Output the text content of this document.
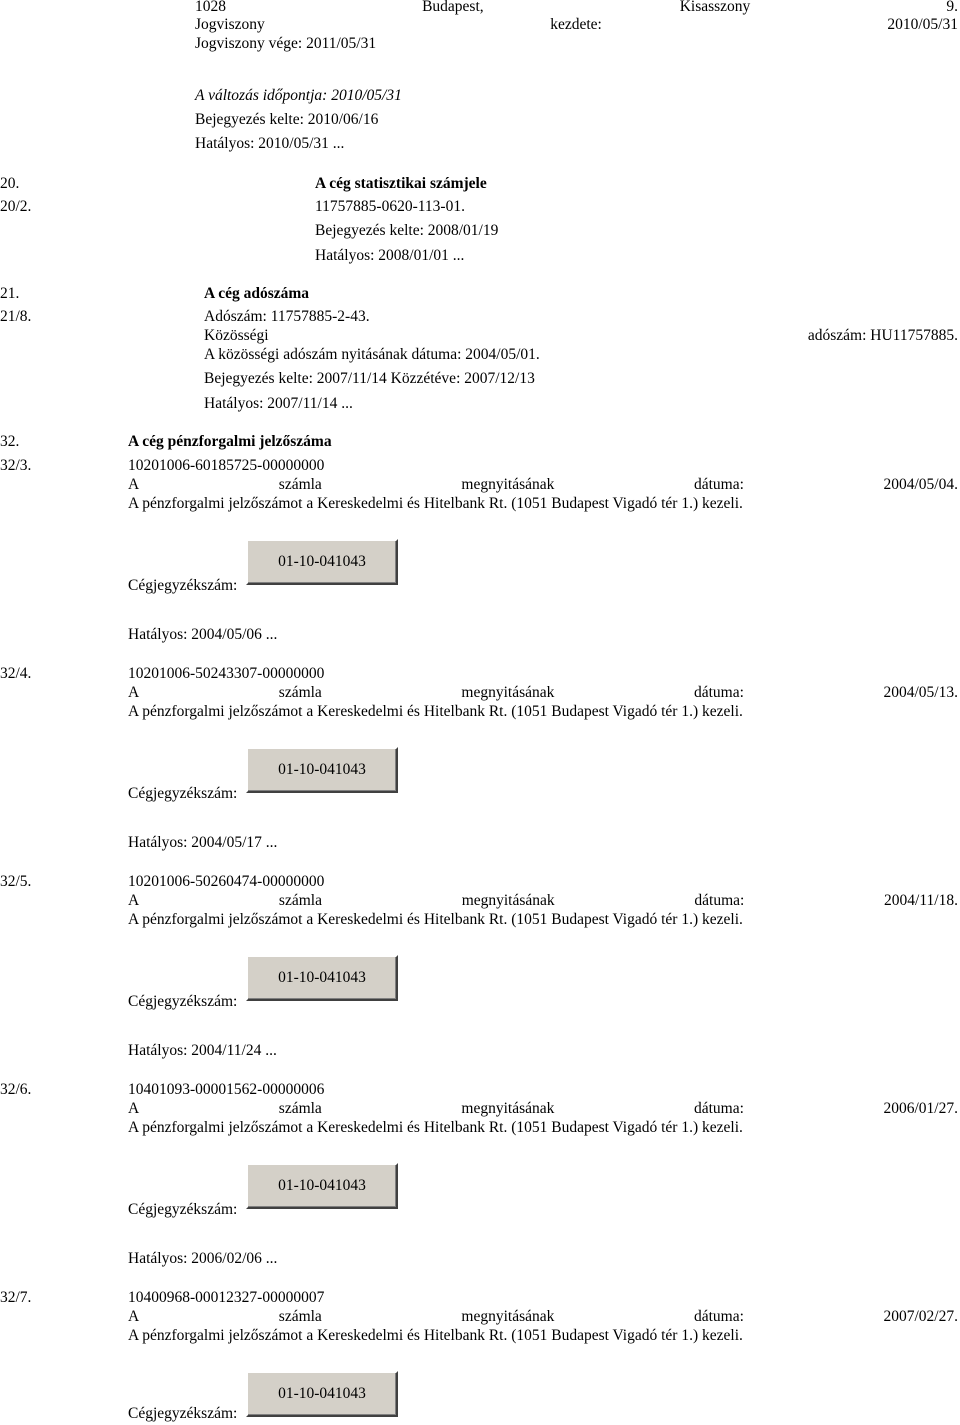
1028	Budapest,	Kisasszony	9.
Jogviszony	kezdete:	2010/05/31
Jogviszony vége: 2011/05/31
A változás időpontja: 2010/05/31
Bejegyezés kelte: 2010/06/16
Hatályos: 2010/05/31 ...
20.	A cég statisztikai számjele
20/2.	11757885-0620-113-01.
Bejegyezés kelte: 2008/01/19
Hatályos: 2008/01/01 ...
21.	A cég adószáma
21/8.	Adószám: 11757885-2-43.
Közösségi	adószám: HU11757885.
A közösségi adószám nyitásának dátuma: 2004/05/01.
Bejegyezés kelte: 2007/11/14 Közzétéve: 2007/12/13
Hatályos: 2007/11/14 ...
32.	A cég pénzforgalmi jelzőszáma
32/3.	10201006-60185725-00000000
A	számla	megnyitásának	dátuma:	2004/05/04.
A pénzforgalmi jelzőszámot a Kereskedelmi és Hitelbank Rt. (1051 Budapest Vigadó tér 1.) kezeli.
Cégjegyzékszám:
01-10-041043
Hatályos: 2004/05/06 ...
32/4.	10201006-50243307-00000000
A	számla	megnyitásának	dátuma:	2004/05/13.
A pénzforgalmi jelzőszámot a Kereskedelmi és Hitelbank Rt. (1051 Budapest Vigadó tér 1.) kezeli.
Cégjegyzékszám:
01-10-041043
Hatályos: 2004/05/17 ...
32/5.	10201006-50260474-00000000
A	számla	megnyitásának	dátuma:	2004/11/18.
A pénzforgalmi jelzőszámot a Kereskedelmi és Hitelbank Rt. (1051 Budapest Vigadó tér 1.) kezeli.
Cégjegyzékszám:
01-10-041043
Hatályos: 2004/11/24 ...
32/6.	10401093-00001562-00000006
A	számla	megnyitásának	dátuma:	2006/01/27.
A pénzforgalmi jelzőszámot a Kereskedelmi és Hitelbank Rt. (1051 Budapest Vigadó tér 1.) kezeli.
Cégjegyzékszám:
01-10-041043
Hatályos: 2006/02/06 ...
32/7.	10400968-00012327-00000007
A	számla	megnyitásának	dátuma:	2007/02/27.
A pénzforgalmi jelzőszámot a Kereskedelmi és Hitelbank Rt. (1051 Budapest Vigadó tér 1.) kezeli.
Cégjegyzékszám:
01-10-041043
